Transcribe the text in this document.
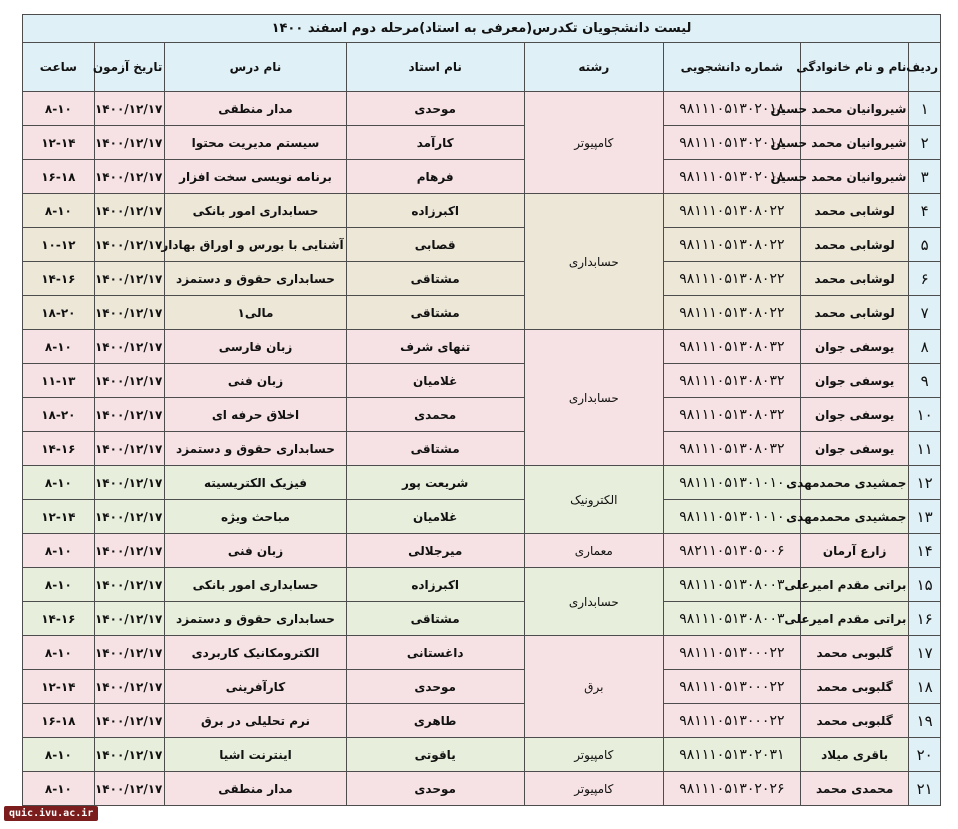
لیست دانشجویان تکدرس(معرفی به استاد)مرحله دوم اسفند ۱۴۰۰							
ردیف	نام و نام خانوادگی	شماره دانشجویی	رشته	نام استاد	نام درس	تاریخ آزمون	ساعت
۱	شیروانیان محمد حسین	۹۸۱۱۱۰۵۱۳۰۲۰۱۸	کامپیوتر	موحدی	مدار منطقی	۱۴۰۰/۱۲/۱۷	۸-۱۰
۲	شیروانیان محمد حسین	۹۸۱۱۱۰۵۱۳۰۲۰۱۸		کارآمد	سیستم مدیریت محتوا	۱۴۰۰/۱۲/۱۷	۱۲-۱۴
۳	شیروانیان محمد حسین	۹۸۱۱۱۰۵۱۳۰۲۰۱۸		فرهام	برنامه نویسی سخت افزار	۱۴۰۰/۱۲/۱۷	۱۶-۱۸
۴	لوشابی محمد	۹۸۱۱۱۰۵۱۳۰۸۰۲۲	حسابداری	اکبرزاده	حسابداری امور بانکی	۱۴۰۰/۱۲/۱۷	۸-۱۰
۵	لوشابی محمد	۹۸۱۱۱۰۵۱۳۰۸۰۲۲		قصابی	آشنایی با بورس و اوراق بهادار	۱۴۰۰/۱۲/۱۷	۱۰-۱۲
۶	لوشابی محمد	۹۸۱۱۱۰۵۱۳۰۸۰۲۲		مشتاقی	حسابداری حقوق و دستمزد	۱۴۰۰/۱۲/۱۷	۱۴-۱۶
۷	لوشابی محمد	۹۸۱۱۱۰۵۱۳۰۸۰۲۲		مشتاقی	مالی۱	۱۴۰۰/۱۲/۱۷	۱۸-۲۰
۸	یوسفی جوان	۹۸۱۱۱۰۵۱۳۰۸۰۳۲	حسابداری	تنهای شرف	زبان فارسی	۱۴۰۰/۱۲/۱۷	۸-۱۰
۹	یوسفی جوان	۹۸۱۱۱۰۵۱۳۰۸۰۳۲		غلامیان	زبان فنی	۱۴۰۰/۱۲/۱۷	۱۱-۱۳
۱۰	یوسفی جوان	۹۸۱۱۱۰۵۱۳۰۸۰۳۲		محمدی	اخلاق حرفه ای	۱۴۰۰/۱۲/۱۷	۱۸-۲۰
۱۱	یوسفی جوان	۹۸۱۱۱۰۵۱۳۰۸۰۳۲		مشتاقی	حسابداری حقوق و دستمزد	۱۴۰۰/۱۲/۱۷	۱۴-۱۶
۱۲	جمشیدی محمدمهدی	۹۸۱۱۱۰۵۱۳۰۱۰۱۰	الکترونیک	شریعت پور	فیزیک الکتریسیته	۱۴۰۰/۱۲/۱۷	۸-۱۰
۱۳	جمشیدی محمدمهدی	۹۸۱۱۱۰۵۱۳۰۱۰۱۰		غلامیان	مباحث ویژه	۱۴۰۰/۱۲/۱۷	۱۲-۱۴
۱۴	زارع آرمان	۹۸۲۱۱۰۵۱۳۰۵۰۰۶	معماری	میرجلالی	زبان فنی	۱۴۰۰/۱۲/۱۷	۸-۱۰
۱۵	براتی مقدم امیرعلی	۹۸۱۱۱۰۵۱۳۰۸۰۰۳	حسابداری	اکبرزاده	حسابداری امور بانکی	۱۴۰۰/۱۲/۱۷	۸-۱۰
۱۶	براتی مقدم امیرعلی	۹۸۱۱۱۰۵۱۳۰۸۰۰۳		مشتاقی	حسابداری حقوق و دستمزد	۱۴۰۰/۱۲/۱۷	۱۴-۱۶
۱۷	گلبوبی محمد	۹۸۱۱۱۰۵۱۳۰۰۰۲۲	برق	داغستانی	الکترومکانیک کاربردی	۱۴۰۰/۱۲/۱۷	۸-۱۰
۱۸	گلبوبی محمد	۹۸۱۱۱۰۵۱۳۰۰۰۲۲		موحدی	کارآفرینی	۱۴۰۰/۱۲/۱۷	۱۲-۱۴
۱۹	گلبوبی محمد	۹۸۱۱۱۰۵۱۳۰۰۰۲۲		طاهری	نرم تحلیلی در برق	۱۴۰۰/۱۲/۱۷	۱۶-۱۸
۲۰	باقری میلاد	۹۸۱۱۱۰۵۱۳۰۲۰۳۱	کامپیوتر	یاقوتی	اینترنت اشیا	۱۴۰۰/۱۲/۱۷	۸-۱۰
۲۱	محمدی محمد	۹۸۱۱۱۰۵۱۳۰۲۰۲۶	کامپیوتر	موحدی	مدار منطقی	۱۴۰۰/۱۲/۱۷	۸-۱۰
quic.ivu.ac.ir
